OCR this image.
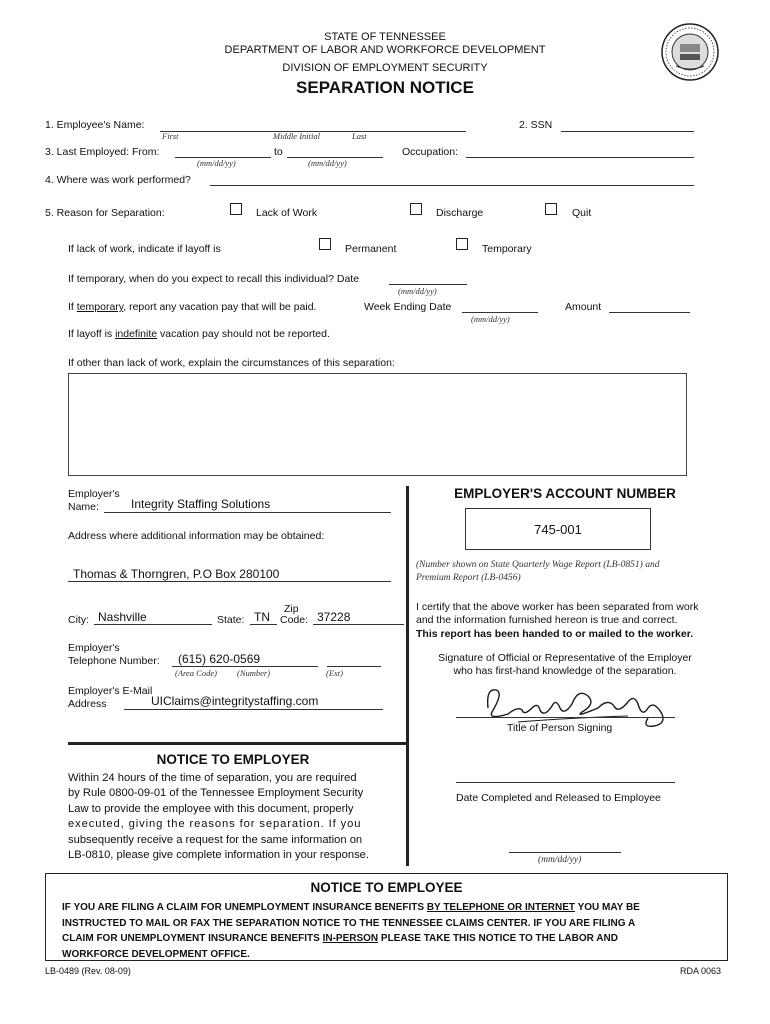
STATE OF TENNESSEE
DEPARTMENT OF LABOR AND WORKFORCE DEVELOPMENT
DIVISION OF EMPLOYMENT SECURITY
SEPARATION NOTICE
1. Employee's Name:
First	Middle Initial	Last
2. SSN
3. Last Employed: From:	to
(mm/dd/yy)	(mm/dd/yy)
Occupation:
4. Where was work performed?
5. Reason for Separation:	Lack of Work	Discharge	Quit
If lack of work, indicate if layoff is	Permanent	Temporary
If temporary, when do you expect to recall this individual? Date
(mm/dd/yy)
If temporary, report any vacation pay that will be paid.	Week Ending Date
(mm/dd/yy)
Amount
If layoff is indefinite vacation pay should not be reported.
If other than lack of work, explain the circumstances of this separation:
Employer's
Name:	Integrity Staffing Solutions
Address where additional information may be obtained:
Thomas & Thorngren, P.O Box 280100
City: Nashville	State: TN
Zip
Code: 37228
Employer's
Telephone Number: (615) 620-0569
(Area Code) (Number)	(Ext)
Employer's E-Mail
Address	UIClaims@integritystaffing.com
EMPLOYER'S ACCOUNT NUMBER
745-001
(Number shown on State Quarterly Wage Report (LB-0851) and
Premium Report (LB-0456)
I certify that the above worker has been separated from work
and the information furnished hereon is true and correct.
This report has been handed to or mailed to the worker.
Signature of Official or Representative of the Employer
who has first-hand knowledge of the separation.
Title of Person Signing
Date Completed and Released to Employee
(mm/dd/yy)
NOTICE TO EMPLOYER
Within 24 hours of the time of separation, you are required
by Rule 0800-09-01 of the Tennessee Employment Security
Law to provide the employee with this document, properly
executed, giving the reasons for separation. If you
subsequently receive a request for the same information on
LB-0810, please give complete information in your response.
NOTICE TO EMPLOYEE
IF YOU ARE FILING A CLAIM FOR UNEMPLOYMENT INSURANCE BENEFITS BY TELEPHONE OR INTERNET YOU MAY BE
INSTRUCTED TO MAIL OR FAX THE SEPARATION NOTICE TO THE TENNESSEE CLAIMS CENTER. IF YOU ARE FILING A
CLAIM FOR UNEMPLOYMENT INSURANCE BENEFITS IN-PERSON PLEASE TAKE THIS NOTICE TO THE LABOR AND
WORKFORCE DEVELOPMENT OFFICE.
LB-0489 (Rev. 08-09)	RDA 0063
